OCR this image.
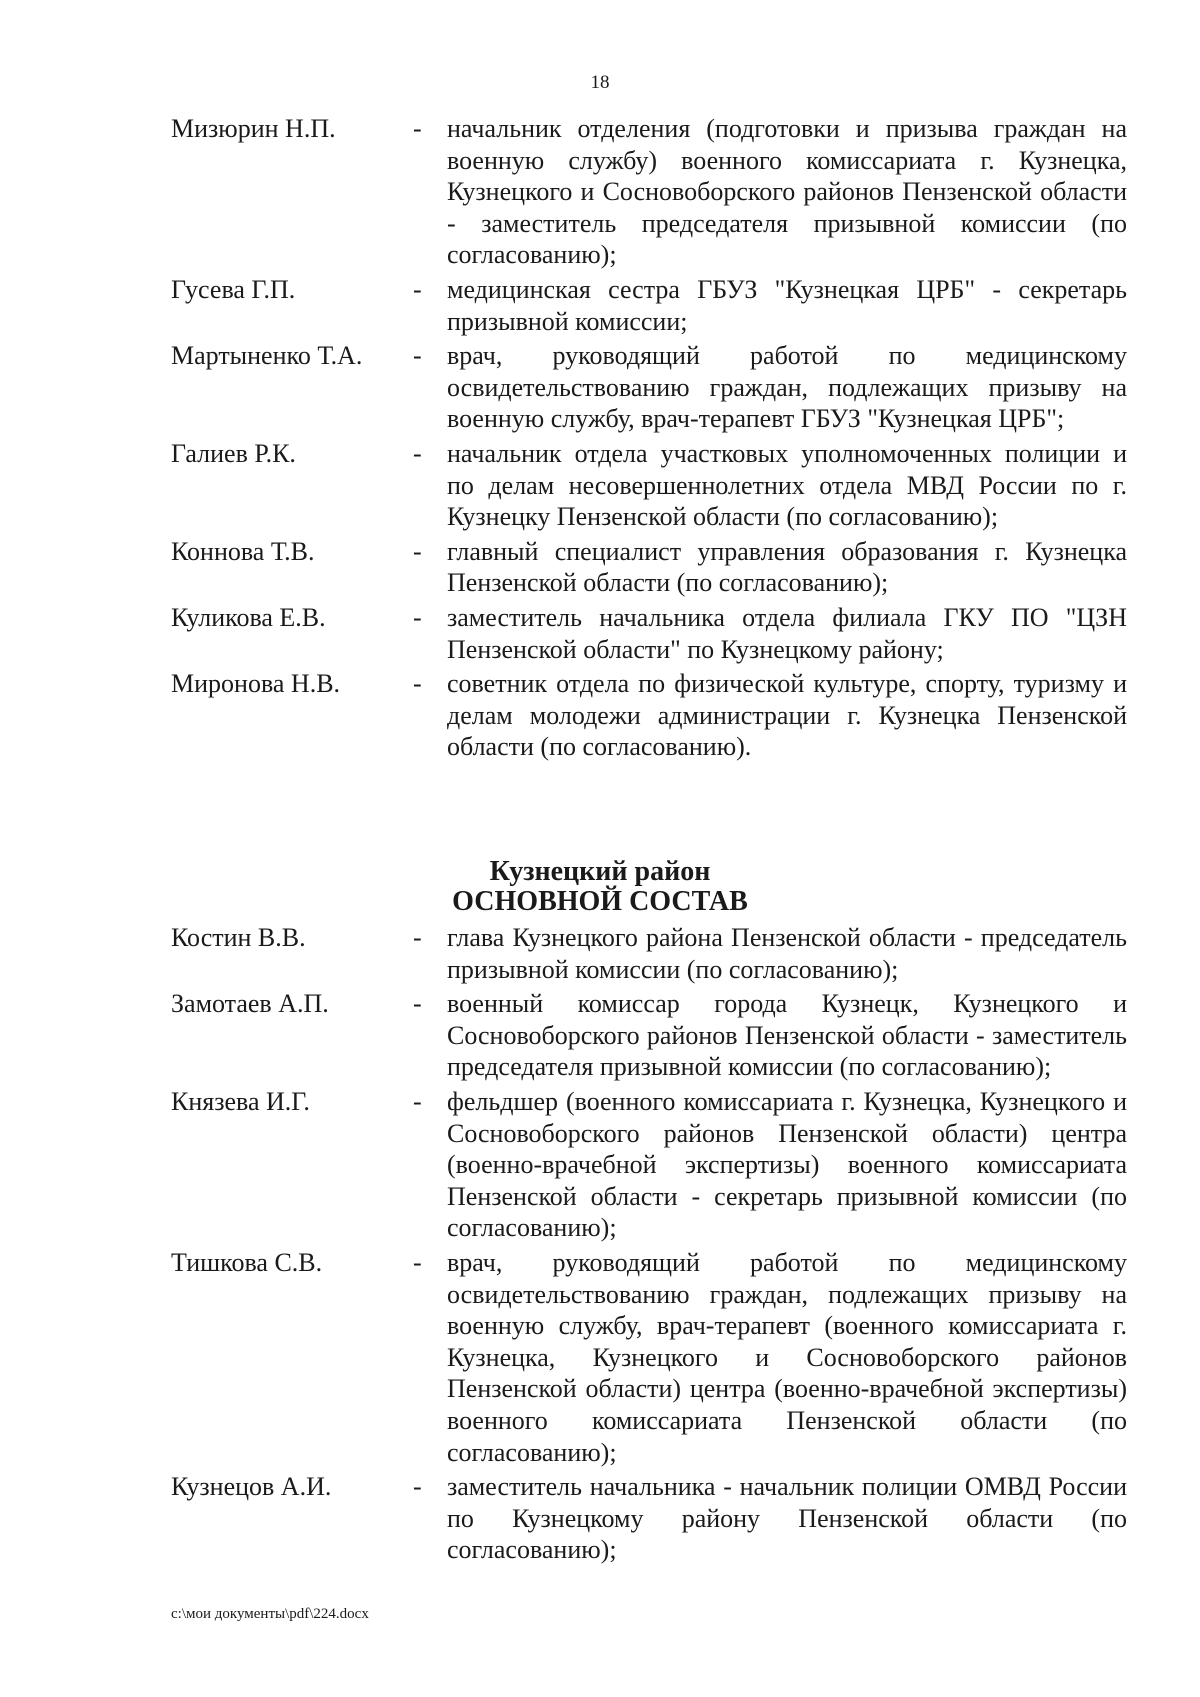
18
Мизюрин Н.П.	- начальник отделения (подготовки и призыва граждан на военную службу) военного комиссариата г. Кузнецка, Кузнецкого и Сосновоборского районов Пензенской области - заместитель председателя призывной комиссии (по согласованию);
Гусева Г.П.	- медицинская сестра ГБУЗ "Кузнецкая ЦРБ" - секретарь призывной комиссии;
Мартыненко Т.А.	- врач, руководящий работой по медицинскому освидетельствованию граждан, подлежащих призыву на военную службу, врач-терапевт ГБУЗ "Кузнецкая ЦРБ";
Галиев Р.К.	- начальник отдела участковых уполномоченных полиции и по делам несовершеннолетних отдела МВД России по г. Кузнецку Пензенской области (по согласованию);
Коннова Т.В.	- главный специалист управления образования г. Кузнецка Пензенской области (по согласованию);
Куликова Е.В.	- заместитель начальника отдела филиала ГКУ ПО "ЦЗН Пензенской области" по Кузнецкому району;
Миронова Н.В.	- советник отдела по физической культуре, спорту, туризму и делам молодежи администрации г. Кузнецка Пензенской области (по согласованию).
Кузнецкий район
ОСНОВНОЙ СОСТАВ
Костин В.В.	- глава Кузнецкого района Пензенской области - председатель призывной комиссии (по согласованию);
Замотаев А.П.	- военный комиссар города Кузнецк, Кузнецкого и Сосновоборского районов Пензенской области - заместитель председателя призывной комиссии (по согласованию);
Князева И.Г.	- фельдшер (военного комиссариата г. Кузнецка, Кузнецкого и Сосновоборского районов Пензенской области) центра (военно-врачебной экспертизы) военного комиссариата Пензенской области - секретарь призывной комиссии (по согласованию);
Тишкова С.В.	- врач, руководящий работой по медицинскому освидетельствованию граждан, подлежащих призыву на военную службу, врач-терапевт (военного комиссариата г. Кузнецка, Кузнецкого и Сосновоборского районов Пензенской области) центра (военно-врачебной экспертизы) военного комиссариата Пензенской области (по согласованию);
Кузнецов А.И.	- заместитель начальника - начальник полиции ОМВД России по Кузнецкому району Пензенской области (по согласованию);
c:\мои документы\pdf\224.docx
